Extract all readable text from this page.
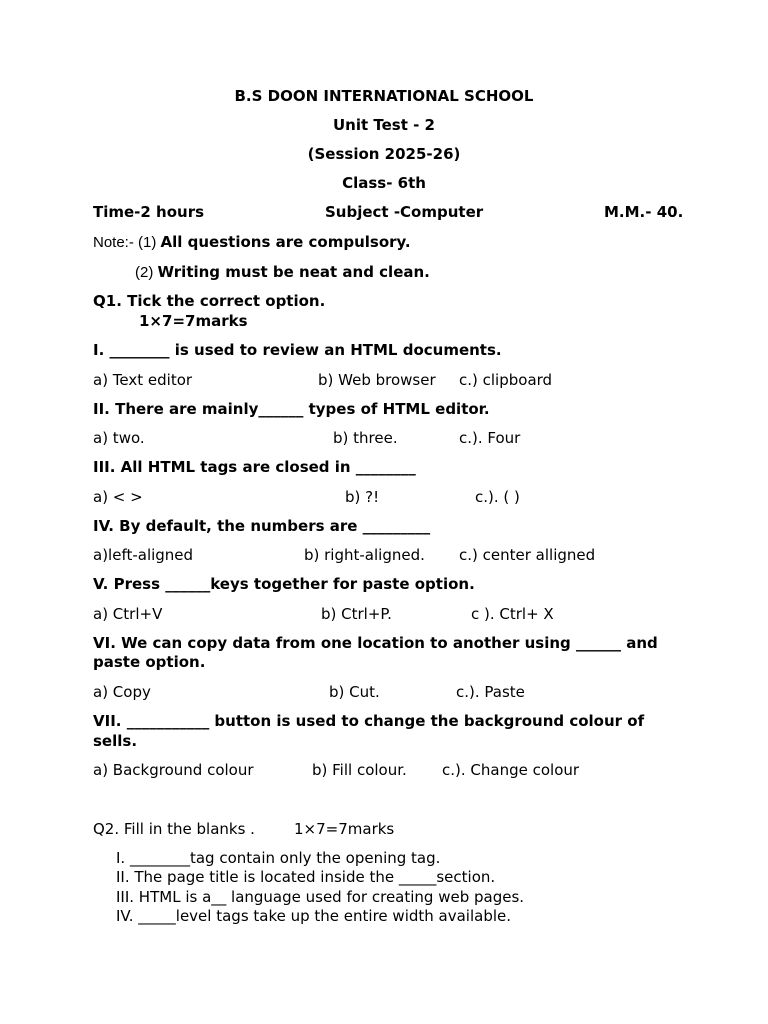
B.S DOON INTERNATIONAL SCHOOL
Unit Test - 2
(Session 2025-26)
Class- 6th
Time-2 hours	Subject -Computer	M.M.- 40.
Note:- (1) All questions are compulsory.
(2) Writing must be neat and clean.
Q1. Tick the correct option.
1×7=7marks
I. ________ is used to review an HTML documents.
a) Text editor	b) Web browser c.) clipboard
II. There are mainly______ types of HTML editor.
a) two.	b) three.	c.). Four
III. All HTML tags are closed in ________
a) < >	b) ?!	c.). ( )
IV. By default, the numbers are _________
a)left-aligned	b) right-aligned. c.) center alligned
V. Press ______keys together for paste option.
a) Ctrl+V	b) Ctrl+P.	c ). Ctrl+ X
VI. We can copy data from one location to another using ______ and
paste option.
a) Copy	b) Cut.	c.). Paste
VII. ___________ button is used to change the background colour of
sells.
a) Background colour	b) Fill colour. c.). Change colour
Q2. Fill in the blanks .	1×7=7marks
I. ________tag contain only the opening tag.
II. The page title is located inside the _____section.
III. HTML is a__ language used for creating web pages.
IV. _____level tags take up the entire width available.
